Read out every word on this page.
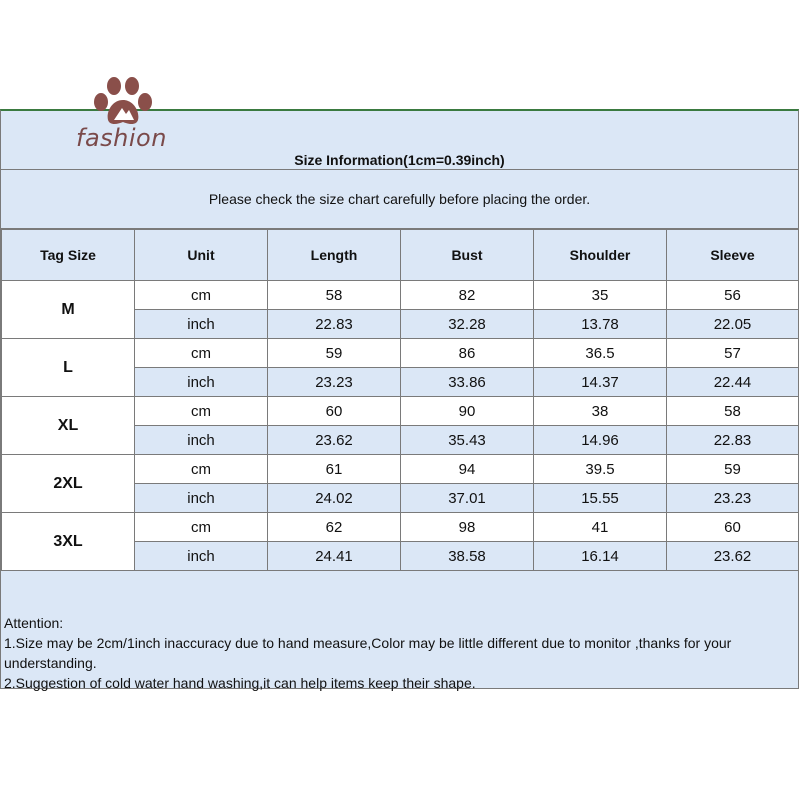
fashion
Size Information(1cm=0.39inch)
Please check the size chart carefully before placing the order.
Tag Size	Unit	Length	Bust	Shoulder	Sleeve
M	cm	58	82	35	56
	inch	22.83	32.28	13.78	22.05
L	cm	59	86	36.5	57
	inch	23.23	33.86	14.37	22.44
XL	cm	60	90	38	58
	inch	23.62	35.43	14.96	22.83
2XL	cm	61	94	39.5	59
	inch	24.02	37.01	15.55	23.23
3XL	cm	62	98	41	60
	inch	24.41	38.58	16.14	23.62
Attention:
1.Size may be 2cm/1inch inaccuracy due to hand measure,Color may be little different due to monitor ,thanks for your understanding.
2.Suggestion of cold water hand washing,it can help items keep their shape.
